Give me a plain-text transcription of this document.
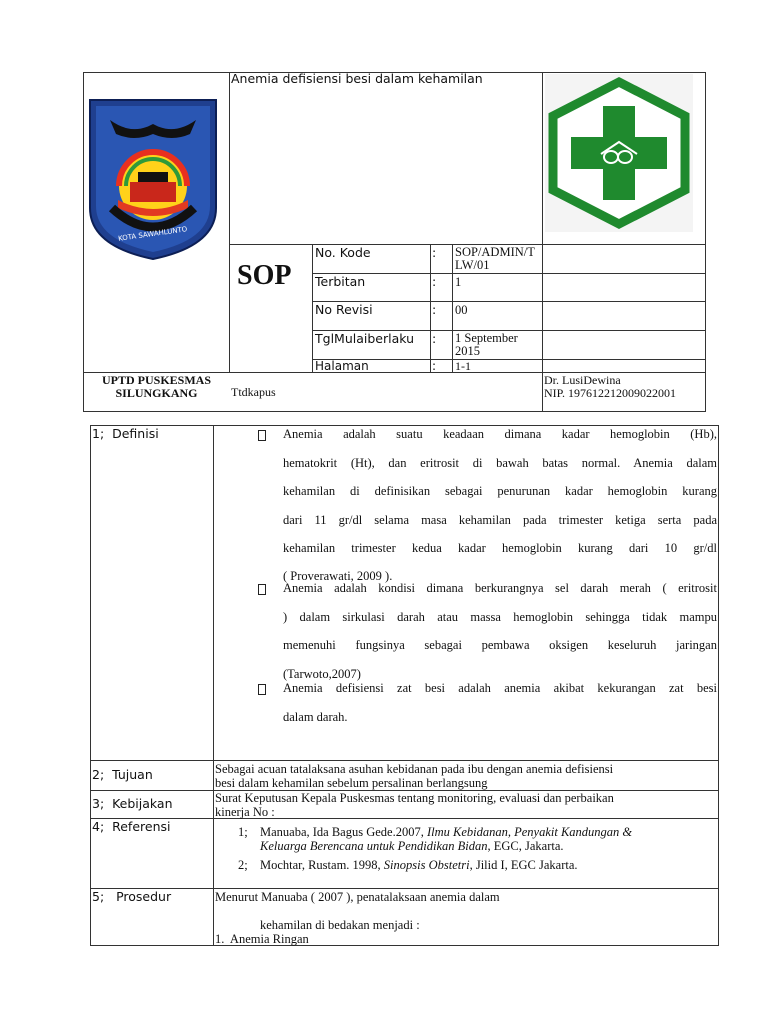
KOTA SAWAHLUNTO
Anemia defisiensi besi dalam kehamilan
SOP
No. Kode	: SOP/ADMIN/T
LW/01
Terbitan	: 1
No Revisi	: 00
TglMulaiberlaku : 1 September
2015
Halaman	: 1-1
UPTD PUSKESMAS
SILUNGKANG	Ttdkapus
Dr. LusiDewina
NIP. 197612212009022001
1;  Definisi	Anemia adalah suatu keadaan dimana kadar hemoglobin (Hb),
hematokrit (Ht), dan eritrosit di bawah batas normal. Anemia dalam
kehamilan di definisikan sebagai penurunan kadar hemoglobin kurang
dari 11 gr/dl selama masa kehamilan pada trimester ketiga serta pada
kehamilan trimester kedua kadar hemoglobin kurang dari 10 gr/dl
( Proverawati, 2009 ).
Anemia adalah kondisi dimana berkurangnya sel darah merah ( eritrosit
) dalam sirkulasi darah atau massa hemoglobin sehingga tidak mampu
memenuhi fungsinya sebagai pembawa oksigen keseluruh jaringan
(Tarwoto,2007)
Anemia defisiensi zat besi adalah anemia akibat kekurangan zat besi
dalam darah.
2;  Tujuan	Sebagai acuan tatalaksana asuhan kebidanan pada ibu dengan anemia defisiensi
besi dalam kehamilan sebelum persalinan berlangsung
3;  Kebijakan	Surat Keputusan Kepala Puskesmas tentang monitoring, evaluasi dan perbaikan
kinerja No :
4;  Referensi	1; Manuaba, Ida Bagus Gede.2007, Ilmu Kebidanan, Penyakit Kandungan &
Keluarga Berencana untuk Pendidikan Bidan, EGC, Jakarta.
2; Mochtar, Rustam. 1998, Sinopsis Obstetri, Jilid I, EGC Jakarta.
5;   Prosedur	Menurut Manuaba ( 2007 ), penatalaksaan anemia dalam
kehamilan di bedakan menjadi :
1.  Anemia Ringan
